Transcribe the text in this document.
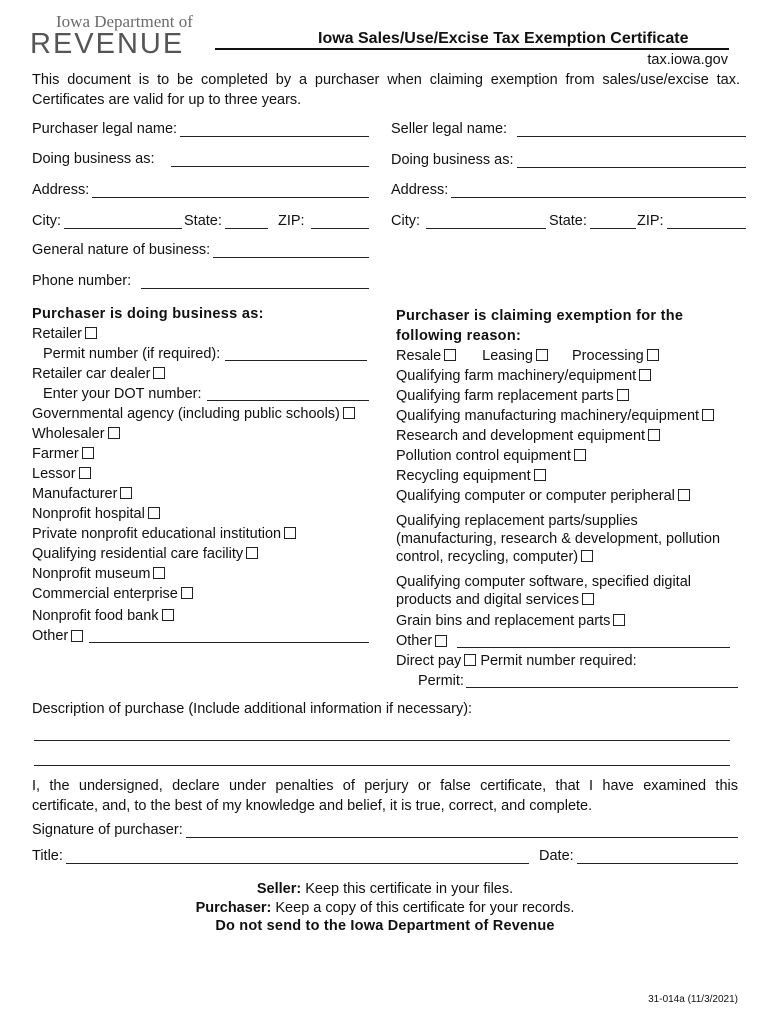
Iowa Department of
REVENUE	Iowa Sales/Use/Excise Tax Exemption Certificate
tax.iowa.gov
This document is to be completed by a purchaser when claiming exemption from sales/use/excise tax.
Certificates are valid for up to three years.
Purchaser legal name:
Doing business as:
Address:
City:	State:	ZIP:
General nature of business:
Phone number:
Seller legal name:
Doing business as:
Address:
City:	State:	ZIP:
Purchaser is doing business as:
Retailer
Permit number (if required):
Retailer car dealer
Enter your DOT number:
Governmental agency (including public schools)
Wholesaler
Farmer
Lessor
Manufacturer
Nonprofit hospital
Private nonprofit educational institution
Qualifying residential care facility
Nonprofit museum
Commercial enterprise
Nonprofit food bank
Other
Purchaser is claiming exemption for the
following reason:
Resale	Leasing	Processing
Qualifying farm machinery/equipment
Qualifying farm replacement parts
Qualifying manufacturing machinery/equipment
Research and development equipment
Pollution control equipment
Recycling equipment
Qualifying computer or computer peripheral
Qualifying replacement parts/supplies
(manufacturing, research & development, pollution
control, recycling, computer)
Qualifying computer software, specified digital
products and digital services
Grain bins and replacement parts
Other
Direct pay Permit number required:
Permit:
Description of purchase (Include additional information if necessary):
I, the undersigned, declare under penalties of perjury or false certificate, that I have examined this
certificate, and, to the best of my knowledge and belief, it is true, correct, and complete.
Signature of purchaser:
Title:	Date:
Seller: Keep this certificate in your files.
Purchaser: Keep a copy of this certificate for your records.
Do not send to the Iowa Department of Revenue
31-014a (11/3/2021)
